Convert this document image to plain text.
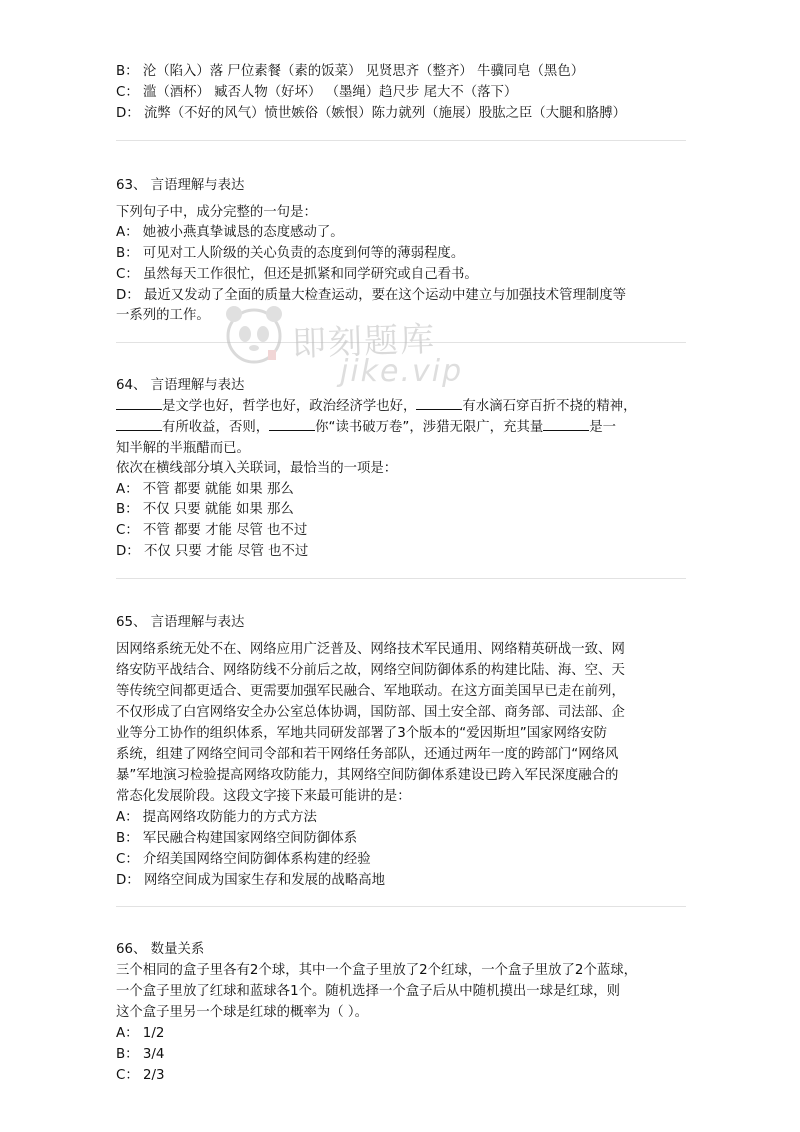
B： 沦（陷入）落 尸位素餐（素的饭菜） 见贤思齐（整齐） 牛骥同皂（黑色）
C： 滥（酒杯） 臧否人物（好坏） （墨绳）趋尺步 尾大不（落下）
D： 流弊（不好的风气）愤世嫉俗（嫉恨）陈力就列（施展）股肱之臣（大腿和胳膊）
63、 言语理解与表达
下列句子中，成分完整的一句是：
A： 她被小燕真挚诚恳的态度感动了。
B： 可见对工人阶级的关心负责的态度到何等的薄弱程度。
C： 虽然每天工作很忙，但还是抓紧和同学研究或自己看书。
D： 最近又发动了全面的质量大检查运动，要在这个运动中建立与加强技术管理制度等
一系列的工作。
64、 言语理解与表达
是文学也好，哲学也好，政治经济学也好，	有水滴石穿百折不挠的精神，
有所收益，否则，	你“读书破万卷”，涉猎无限广，充其量	是一
知半解的半瓶醋而已。
依次在横线部分填入关联词，最恰当的一项是：
A： 不管 都要 就能 如果 那么
B： 不仅 只要 就能 如果 那么
C： 不管 都要 才能 尽管 也不过
D： 不仅 只要 才能 尽管 也不过
65、 言语理解与表达
因网络系统无处不在、网络应用广泛普及、网络技术军民通用、网络精英研战一致、网
络安防平战结合、网络防线不分前后之故，网络空间防御体系的构建比陆、海、空、天
等传统空间都更适合、更需要加强军民融合、军地联动。在这方面美国早已走在前列，
不仅形成了白宫网络安全办公室总体协调，国防部、国土安全部、商务部、司法部、企
业等分工协作的组织体系，军地共同研发部署了3个版本的“爱因斯坦”国家网络安防
系统，组建了网络空间司令部和若干网络任务部队，还通过两年一度的跨部门“网络风
暴”军地演习检验提高网络攻防能力，其网络空间防御体系建设已跨入军民深度融合的
常态化发展阶段。这段文字接下来最可能讲的是：
A： 提高网络攻防能力的方式方法
B： 军民融合构建国家网络空间防御体系
C： 介绍美国网络空间防御体系构建的经验
D： 网络空间成为国家生存和发展的战略高地
66、 数量关系
三个相同的盒子里各有2个球，其中一个盒子里放了2个红球，一个盒子里放了2个蓝球，
一个盒子里放了红球和蓝球各1个。随机选择一个盒子后从中随机摸出一球是红球，则
这个盒子里另一个球是红球的概率为（ ）。
A： 1/2
B： 3/4
C： 2/3
即刻题库
jike.vip
